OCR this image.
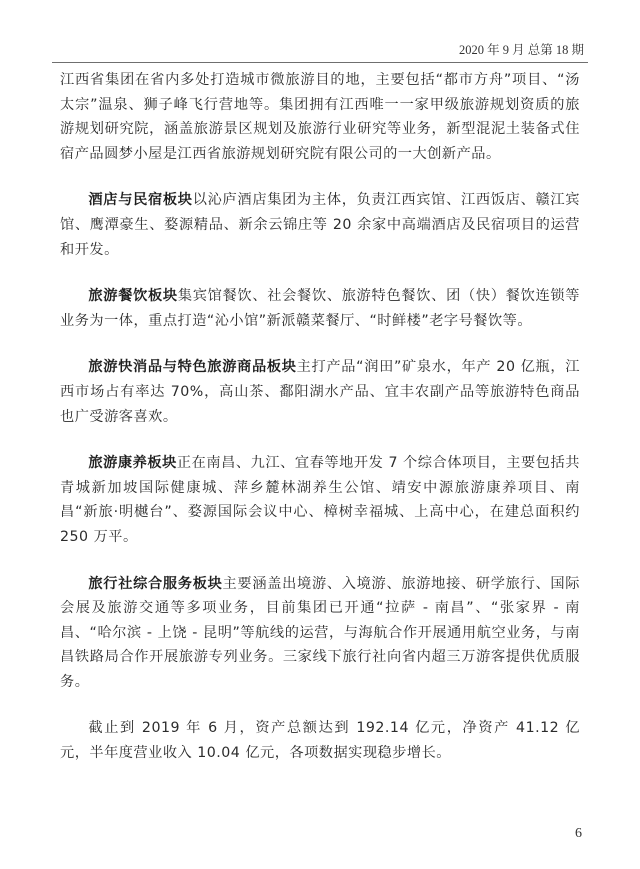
2020 年 9 月 总第 18 期

江西省集团在省内多处打造城市微旅游目的地，主要包括“都市方舟”项目、“汤太宗”温泉、狮子峰飞行营地等。集团拥有江西唯一一家甲级旅游规划资质的旅游规划研究院，涵盖旅游景区规划及旅游行业研究等业务，新型混泥土装备式住宿产品圆梦小屋是江西省旅游规划研究院有限公司的一大创新产品。

酒店与民宿板块以沁庐酒店集团为主体，负责江西宾馆、江西饭店、赣江宾馆、鹰潭豪生、婺源精品、新余云锦庄等 20 余家中高端酒店及民宿项目的运营和开发。

旅游餐饮板块集宾馆餐饮、社会餐饮、旅游特色餐饮、团（快）餐饮连锁等业务为一体，重点打造“沁小馆”新派赣菜餐厅、“时鲜楼”老字号餐饮等。

旅游快消品与特色旅游商品板块主打产品“润田”矿泉水，年产 20 亿瓶，江西市场占有率达 70%，高山茶、鄱阳湖水产品、宜丰农副产品等旅游特色商品也广受游客喜欢。

旅游康养板块正在南昌、九江、宜春等地开发 7 个综合体项目，主要包括共青城新加坡国际健康城、萍乡麓林湖养生公馆、靖安中源旅游康养项目、南昌“新旅·明樾台”、婺源国际会议中心、樟树幸福城、上高中心，在建总面积约 250 万平。

旅行社综合服务板块主要涵盖出境游、入境游、旅游地接、研学旅行、国际会展及旅游交通等多项业务，目前集团已开通“拉萨 - 南昌”、“张家界 - 南昌、“哈尔滨 - 上饶 - 昆明”等航线的运营，与海航合作开展通用航空业务，与南昌铁路局合作开展旅游专列业务。三家线下旅行社向省内超三万游客提供优质服务。

截止到 2019 年 6 月，资产总额达到 192.14 亿元，净资产 41.12 亿元，半年度营业收入 10.04 亿元，各项数据实现稳步增长。

6
